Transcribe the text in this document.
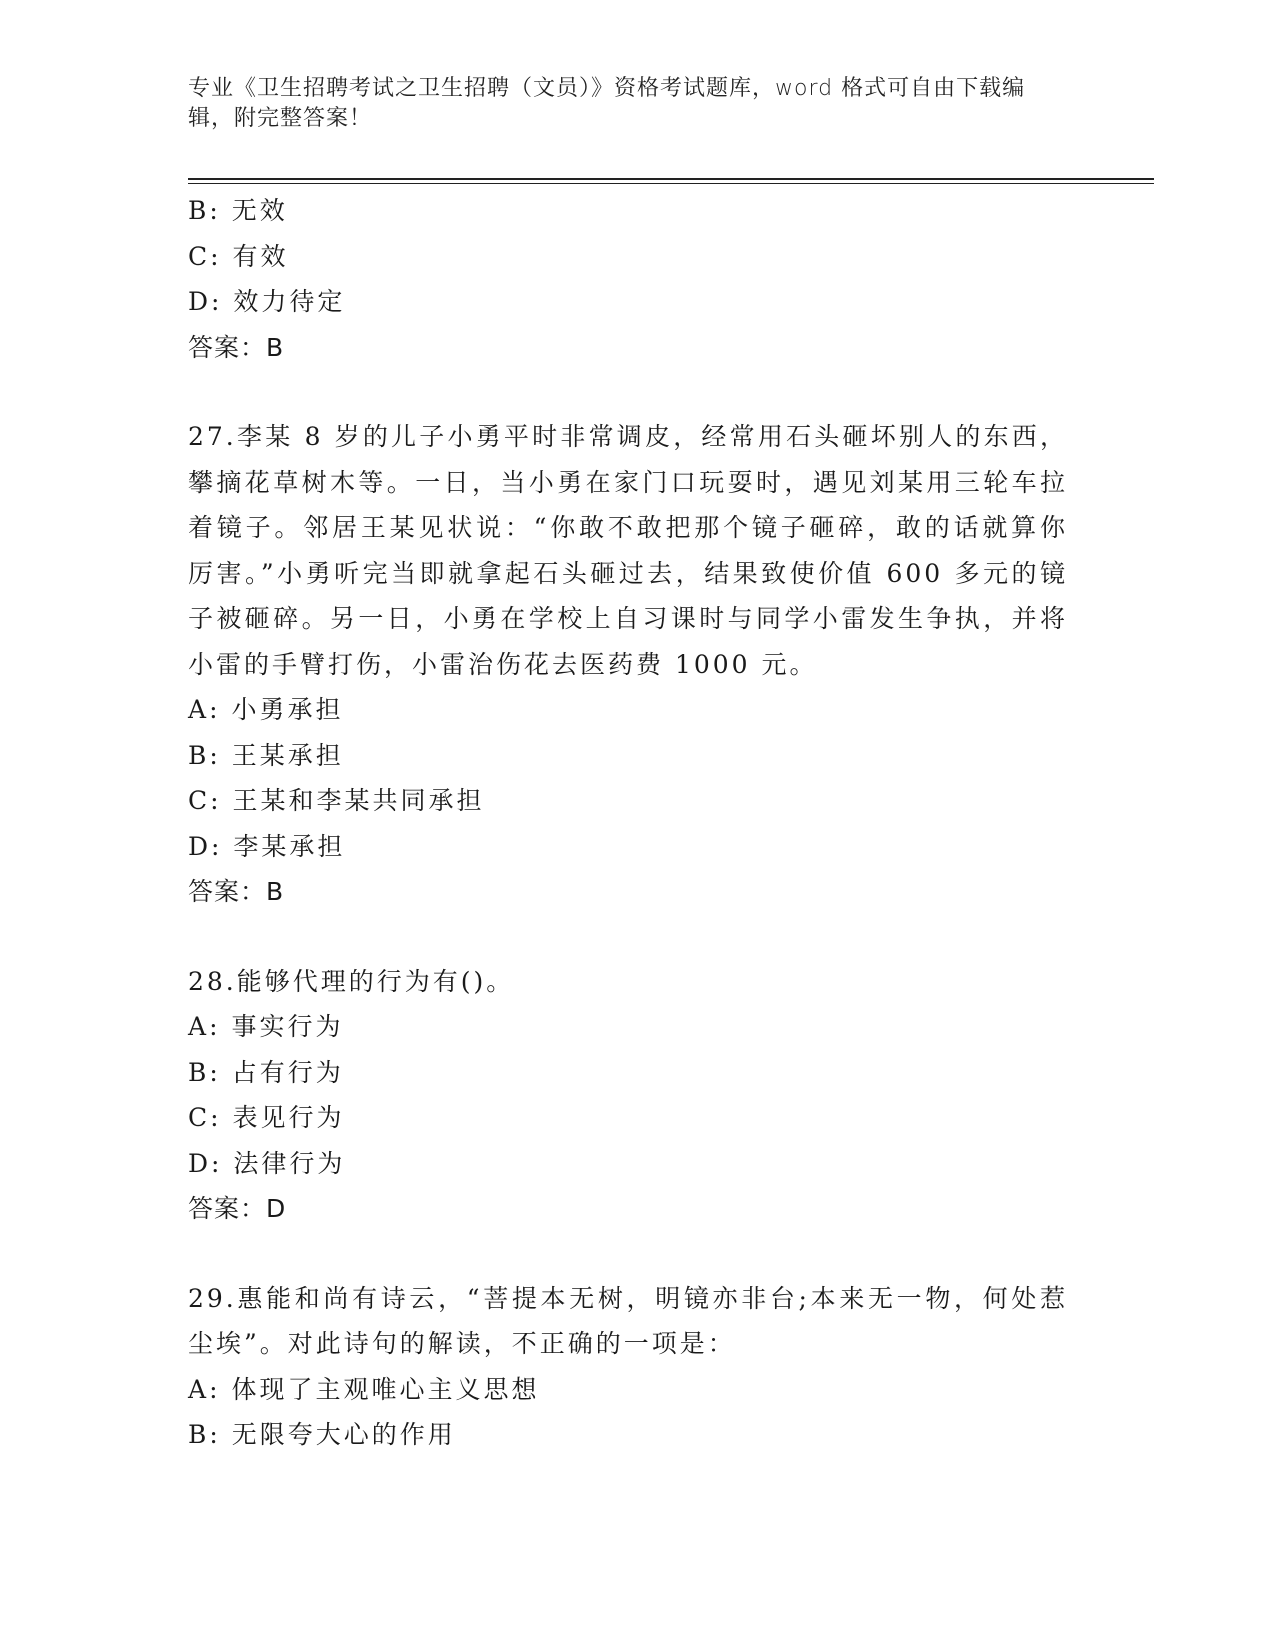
专业《卫生招聘考试之卫生招聘（文员）》资格考试题库，word 格式可自由下载编辑，附完整答案！

B: 无效

C: 有效

D: 效力待定

答案：B

27.李某 8 岁的儿子小勇平时非常调皮，经常用石头砸坏别人的东西，攀摘花草树木等。一日，当小勇在家门口玩耍时，遇见刘某用三轮车拉着镜子。邻居王某见状说：“你敢不敢把那个镜子砸碎，敢的话就算你厉害。”小勇听完当即就拿起石头砸过去，结果致使价值 600 多元的镜子被砸碎。另一日，小勇在学校上自习课时与同学小雷发生争执，并将小雷的手臂打伤，小雷治伤花去医药费 1000 元。

A: 小勇承担

B: 王某承担

C: 王某和李某共同承担

D: 李某承担

答案：B

28.能够代理的行为有()。

A: 事实行为

B: 占有行为

C: 表见行为

D: 法律行为

答案：D

29.惠能和尚有诗云，“菩提本无树，明镜亦非台;本来无一物，何处惹尘埃”。对此诗句的解读，不正确的一项是：

A: 体现了主观唯心主义思想

B: 无限夸大心的作用
